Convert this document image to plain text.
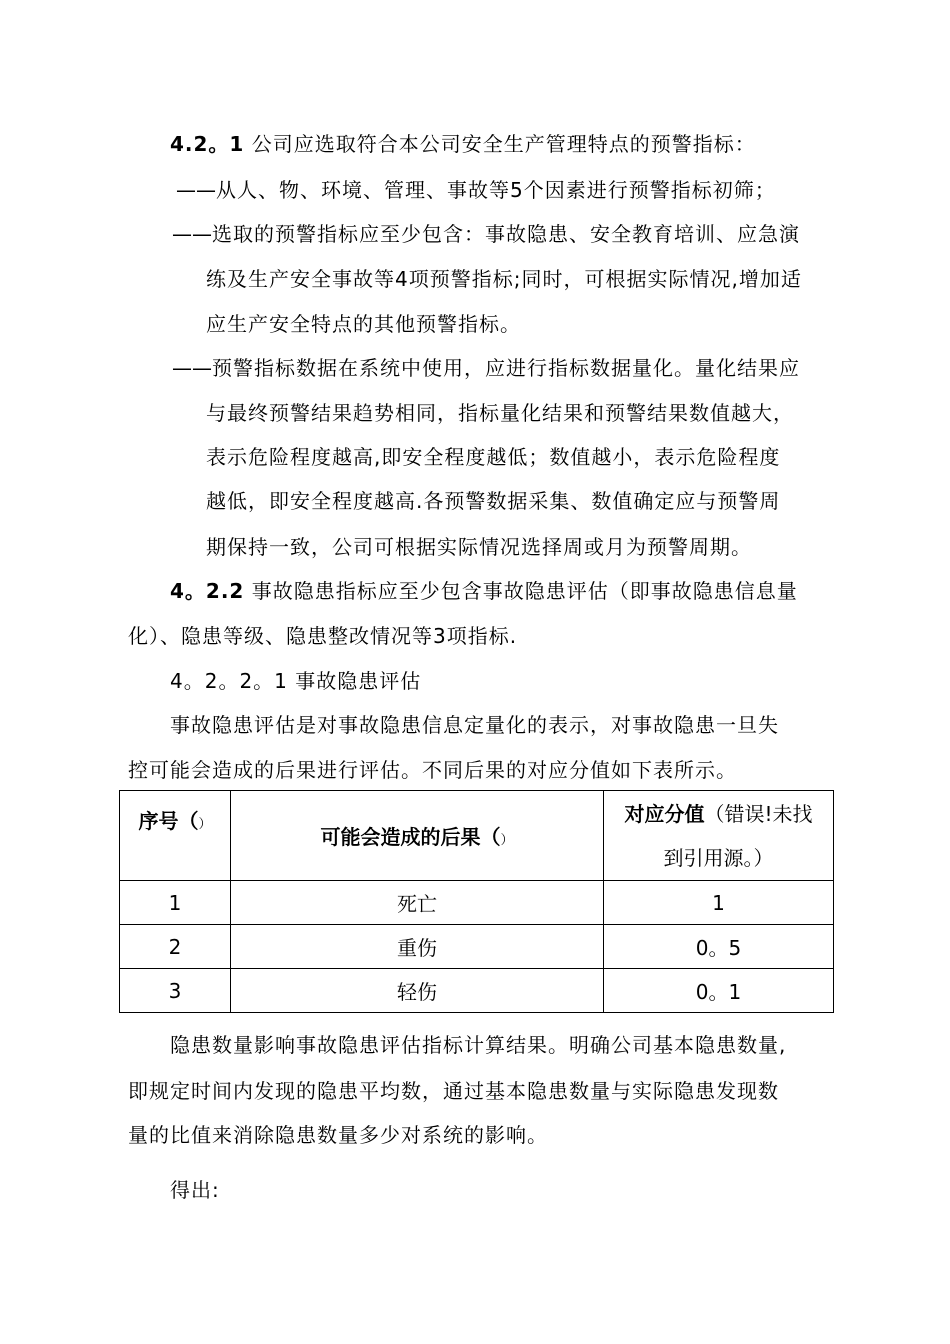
4.2。1 公司应选取符合本公司安全生产管理特点的预警指标：
——从人、物、环境、管理、事故等5个因素进行预警指标初筛；
——选取的预警指标应至少包含：事故隐患、安全教育培训、应急演
练及生产安全事故等4项预警指标;同时，可根据实际情况,增加适
应生产安全特点的其他预警指标。
——预警指标数据在系统中使用，应进行指标数据量化。量化结果应
与最终预警结果趋势相同，指标量化结果和预警结果数值越大，
表示危险程度越高,即安全程度越低；数值越小，表示危险程度
越低，即安全程度越高.各预警数据采集、数值确定应与预警周
期保持一致，公司可根据实际情况选择周或月为预警周期。
4。2.2 事故隐患指标应至少包含事故隐患评估（即事故隐患信息量
化）、隐患等级、隐患整改情况等3项指标.
4。2。2。1 事故隐患评估
事故隐患评估是对事故隐患信息定量化的表示，对事故隐患一旦失
控可能会造成的后果进行评估。不同后果的对应分值如下表所示。
序号（）	可能会造成的后果（）	对应分值（错误!未找
到引用源。）

1	死亡	1
2	重伤	0。5
3	轻伤	0。1
隐患数量影响事故隐患评估指标计算结果。明确公司基本隐患数量,
即规定时间内发现的隐患平均数，通过基本隐患数量与实际隐患发现数
量的比值来消除隐患数量多少对系统的影响。
得出:
